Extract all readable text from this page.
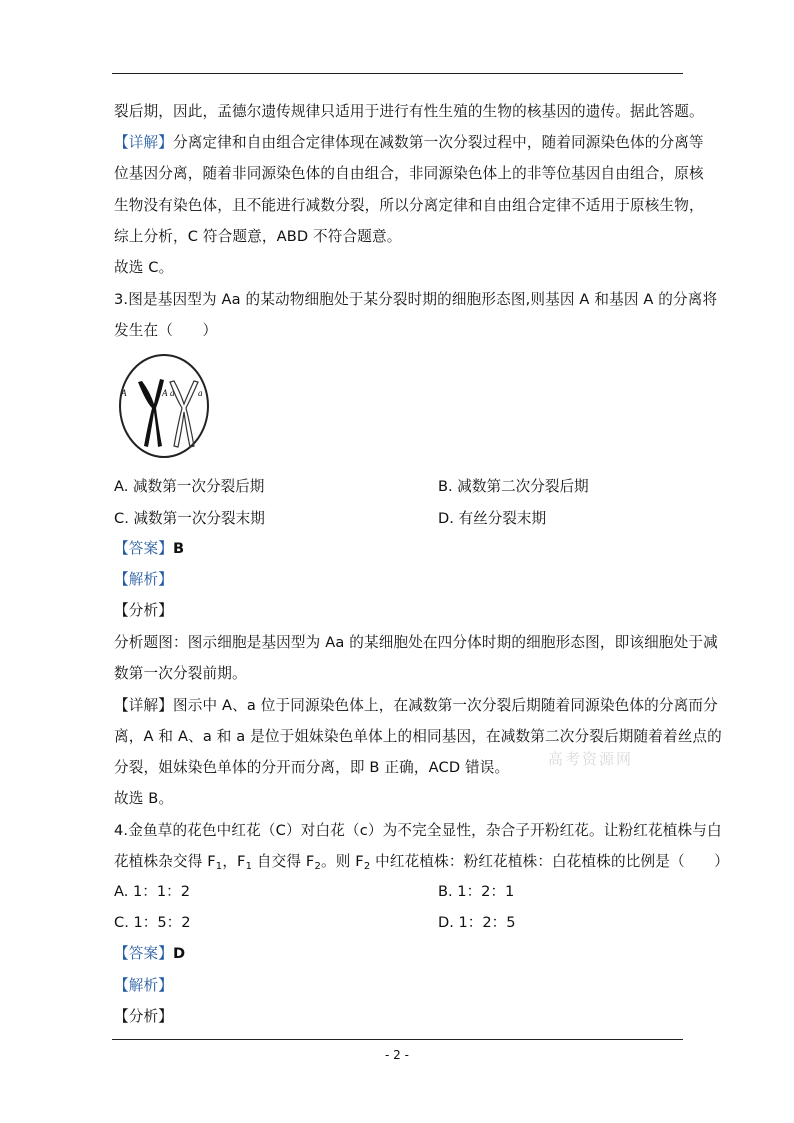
裂后期，因此，孟德尔遗传规律只适用于进行有性生殖的生物的核基因的遗传。据此答题。
【详解】分离定律和自由组合定律体现在减数第一次分裂过程中，随着同源染色体的分离等
位基因分离，随着非同源染色体的自由组合，非同源染色体上的非等位基因自由组合，原核
生物没有染色体，且不能进行减数分裂，所以分离定律和自由组合定律不适用于原核生物，
综上分析，C 符合题意，ABD 不符合题意。
故选 C。
3.图是基因型为 Aa 的某动物细胞处于某分裂时期的细胞形态图,则基因 A 和基因 A 的分离将
发生在（　　）
A	A a	a
A. 减数第一次分裂后期	B. 减数第二次分裂后期
C. 减数第一次分裂末期	D. 有丝分裂末期
【答案】B
【解析】
【分析】
分析题图：图示细胞是基因型为 Aa 的某细胞处在四分体时期的细胞形态图，即该细胞处于减
数第一次分裂前期。
【详解】图示中 A、a 位于同源染色体上，在减数第一次分裂后期随着同源染色体的分离而分
离，A 和 A、a 和 a 是位于姐妹染色单体上的相同基因，在减数第二次分裂后期随着着丝点的
分裂，姐妹染色单体的分开而分离，即 B 正确，ACD 错误。
故选 B。
高考资源网
4.金鱼草的花色中红花（C）对白花（c）为不完全显性，杂合子开粉红花。让粉红花植株与白
花植株杂交得 $F_1$，$F_1$ 自交得 $F_2$。则 $F_2$ 中红花植株：粉红花植株：白花植株的比例是（　　）
A. 1：1：2	B. 1：2：1
C. 1：5：2	D. 1：2：5
【答案】D
【解析】
【分析】
- 2 -
